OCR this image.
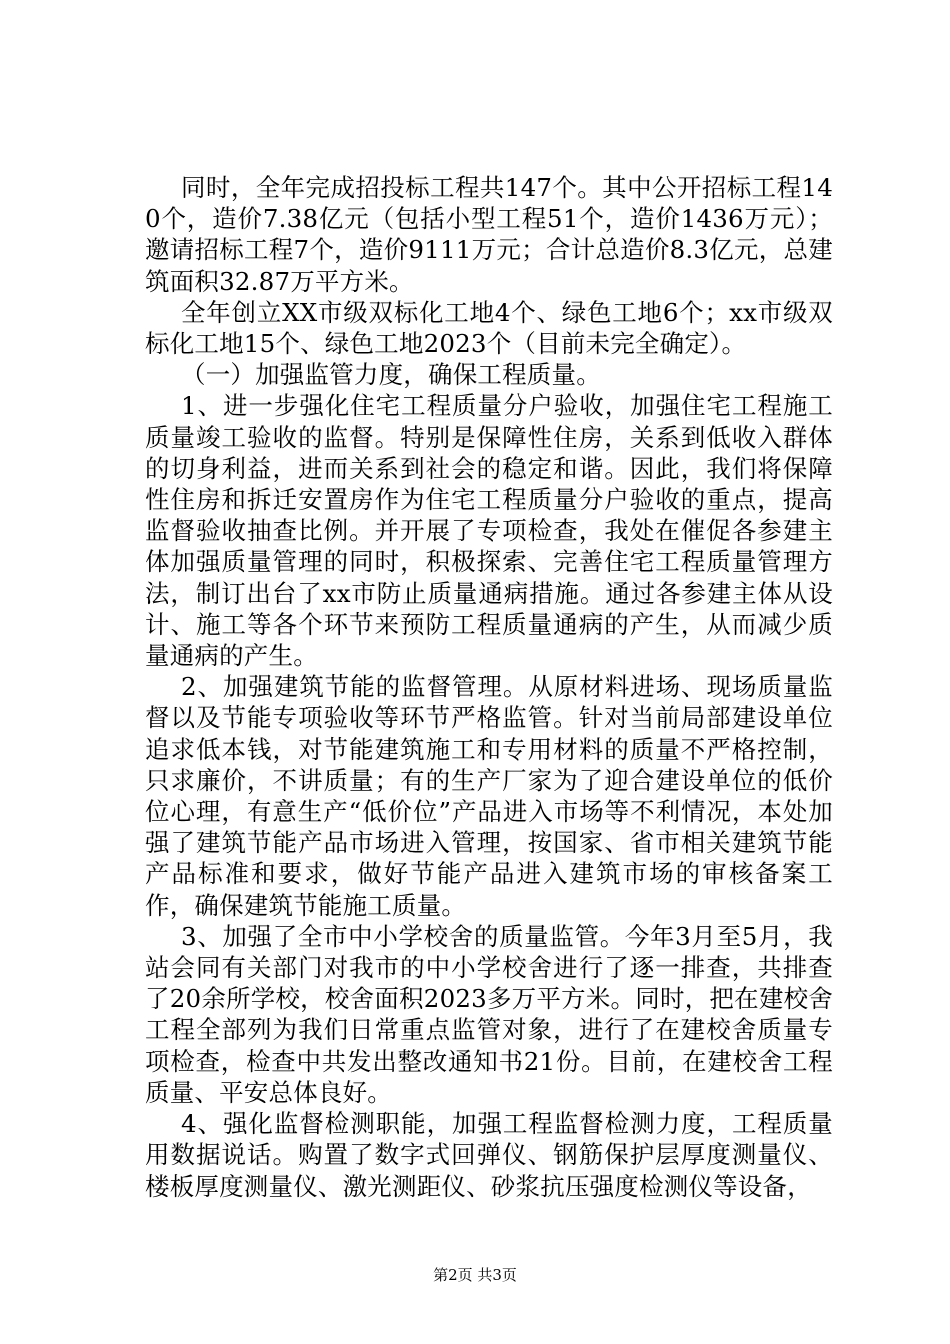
同时，全年完成招投标工程共147个。其中公开招标工程140个，造价7.38亿元（包括小型工程51个，造价1436万元）；邀请招标工程7个，造价9111万元；合计总造价8.3亿元，总建筑面积32.87万平方米。

全年创立XX市级双标化工地4个、绿色工地6个；xx市级双标化工地15个、绿色工地2023个（目前未完全确定）。

（一）加强监管力度，确保工程质量。

1、进一步强化住宅工程质量分户验收，加强住宅工程施工质量竣工验收的监督。特别是保障性住房，关系到低收入群体的切身利益，进而关系到社会的稳定和谐。因此，我们将保障性住房和拆迁安置房作为住宅工程质量分户验收的重点，提高监督验收抽查比例。并开展了专项检查，我处在催促各参建主体加强质量管理的同时，积极探索、完善住宅工程质量管理方法，制订出台了xx市防止质量通病措施。通过各参建主体从设计、施工等各个环节来预防工程质量通病的产生，从而减少质量通病的产生。

2、加强建筑节能的监督管理。从原材料进场、现场质量监督以及节能专项验收等环节严格监管。针对当前局部建设单位追求低本钱，对节能建筑施工和专用材料的质量不严格控制，只求廉价，不讲质量；有的生产厂家为了迎合建设单位的低价位心理，有意生产“低价位”产品进入市场等不利情况，本处加强了建筑节能产品市场进入管理，按国家、省市相关建筑节能产品标准和要求，做好节能产品进入建筑市场的审核备案工作，确保建筑节能施工质量。

3、加强了全市中小学校舍的质量监管。今年3月至5月，我站会同有关部门对我市的中小学校舍进行了逐一排查，共排查了20余所学校，校舍面积2023多万平方米。同时，把在建校舍工程全部列为我们日常重点监管对象，进行了在建校舍质量专项检查，检查中共发出整改通知书21份。目前，在建校舍工程质量、平安总体良好。

4、强化监督检测职能，加强工程监督检测力度，工程质量用数据说话。购置了数字式回弹仪、钢筋保护层厚度测量仪、楼板厚度测量仪、激光测距仪、砂浆抗压强度检测仪等设备，

第2页 共3页
